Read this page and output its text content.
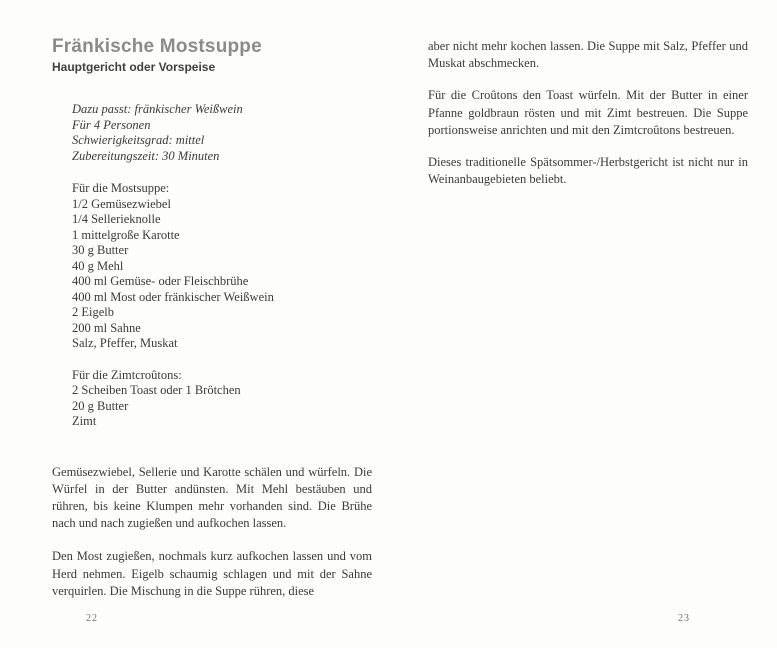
Fränkische Mostsuppe
Hauptgericht oder Vorspeise
Dazu passt: fränkischer Weißwein
Für 4 Personen
Schwierigkeitsgrad: mittel
Zubereitungszeit: 30 Minuten
Für die Mostsuppe:
1/2 Gemüsezwiebel
1/4 Sellerieknolle
1 mittelgroße Karotte
30 g Butter
40 g Mehl
400 ml Gemüse- oder Fleischbrühe
400 ml Most oder fränkischer Weißwein
2 Eigelb
200 ml Sahne
Salz, Pfeffer, Muskat
Für die Zimtcroûtons:
2 Scheiben Toast oder 1 Brötchen
20 g Butter
Zimt

Gemüsezwiebel, Sellerie und Karotte schälen und würfeln. Die Würfel in der Butter andünsten. Mit Mehl bestäuben und rühren, bis keine Klumpen mehr vorhanden sind. Die Brühe nach und nach zugießen und aufkochen lassen.

Den Most zugießen, nochmals kurz aufkochen lassen und vom Herd nehmen. Eigelb schaumig schlagen und mit der Sahne verquirlen. Die Mischung in die Suppe rühren, diese

aber nicht mehr kochen lassen. Die Suppe mit Salz, Pfeffer und Muskat abschmecken.

Für die Croûtons den Toast würfeln. Mit der Butter in einer Pfanne goldbraun rösten und mit Zimt bestreuen. Die Suppe portionsweise anrichten und mit den Zimtcroûtons bestreuen.

Dieses traditionelle Spätsommer-/Herbstgericht ist nicht nur in Weinanbaugebieten beliebt.

22	23
